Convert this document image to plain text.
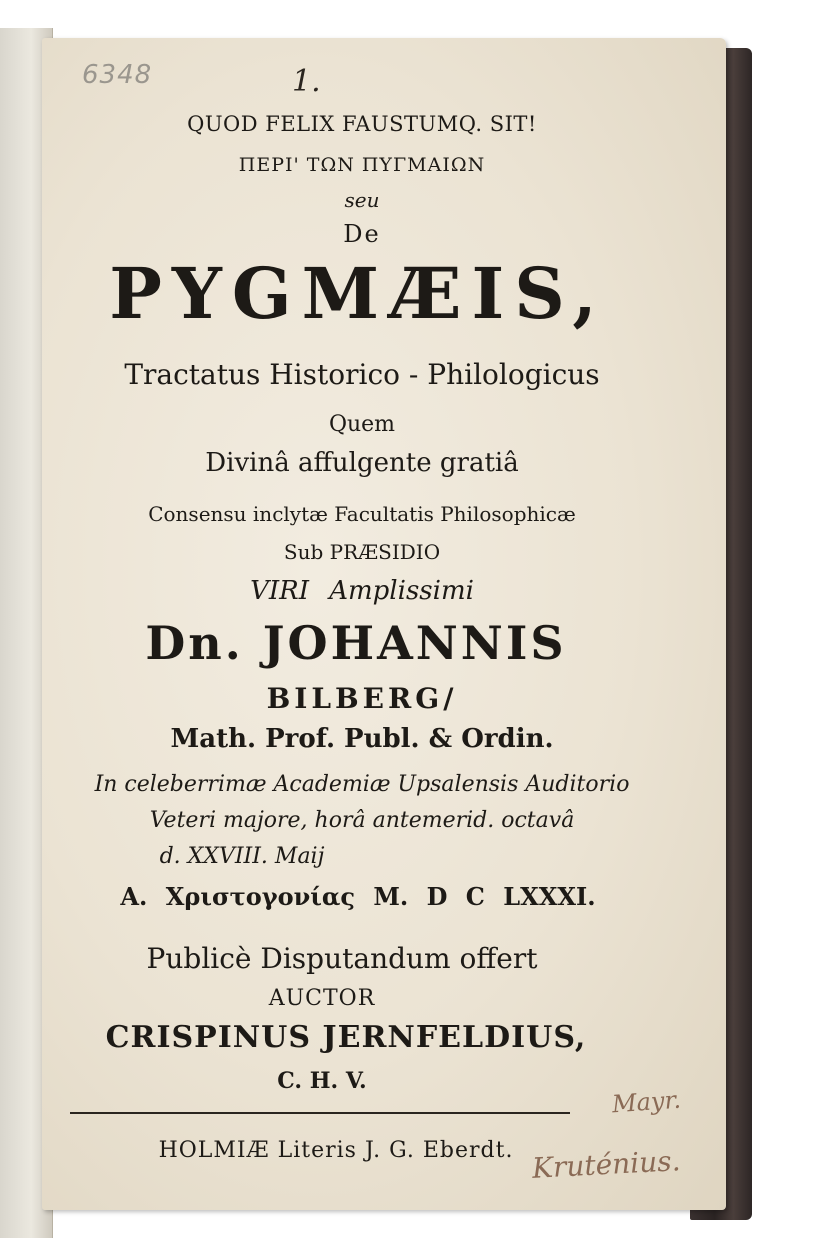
6348	1.
QUOD FELIX FAUSTUMQ. SIT!
ΠΕΡΙ' ΤΩΝ ΠΥΓΜΑΙΩΝ
seu
De
PYGMÆIS,
Tractatus Historico - Philologicus
Quem
Divinâ affulgente gratiâ
Consensu inclytæ Facultatis Philosophicæ
Sub PRÆSIDIO
VIRI Amplissimi
Dn. JOHANNIS
BILBERG/
Math. Prof. Publ. & Ordin.
In celeberrimæ Academiæ Upsalensis Auditorio
Veteri majore, horâ antemerid. octavâ
d. XXVIII. Maij
A. Χριστογονίας M. D C LXXXI.
Publicè Disputandum offert
AUCTOR
CRISPINUS JERNFELDIUS,
C. H. V.
HOLMIÆ Literis J. G. Eberdt.
Mayr.
Kruténius.
